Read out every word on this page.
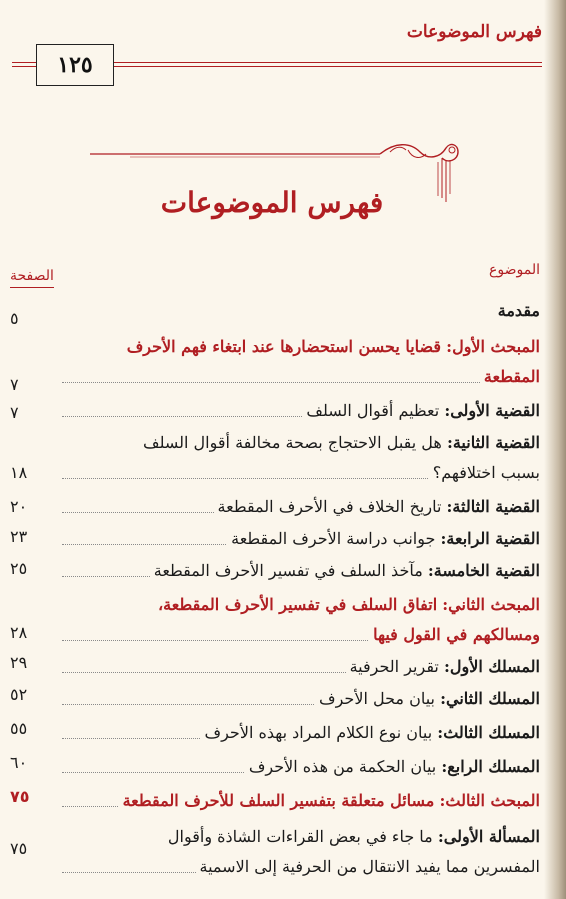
فهرس الموضوعات
١٢٥
فهرس الموضوعات
الموضوع
الصفحة
مقدمة
٥
المبحث الأول: قضايا يحسن استحضارها عند ابتغاء فهم الأحرف
المقطعة
٧
القضية الأولى: تعظيم أقوال السلف
٧
القضية الثانية: هل يقبل الاحتجاج بصحة مخالفة أقوال السلف
بسبب اختلافهم؟
١٨
القضية الثالثة: تاريخ الخلاف في الأحرف المقطعة
٢٠
القضية الرابعة: جوانب دراسة الأحرف المقطعة
٢٣
القضية الخامسة: مآخذ السلف في تفسير الأحرف المقطعة
٢٥
المبحث الثاني: اتفاق السلف في تفسير الأحرف المقطعة،
ومسالكهم في القول فيها
٢٨
المسلك الأول: تقرير الحرفية
٢٩
المسلك الثاني: بيان محل الأحرف
٥٢
المسلك الثالث: بيان نوع الكلام المراد بهذه الأحرف
٥٥
المسلك الرابع: بيان الحكمة من هذه الأحرف
٦٠
المبحث الثالث: مسائل متعلقة بتفسير السلف للأحرف المقطعة
٧٥
المسألة الأولى: ما جاء في بعض القراءات الشاذة وأقوال
المفسرين مما يفيد الانتقال من الحرفية إلى الاسمية
٧٥
